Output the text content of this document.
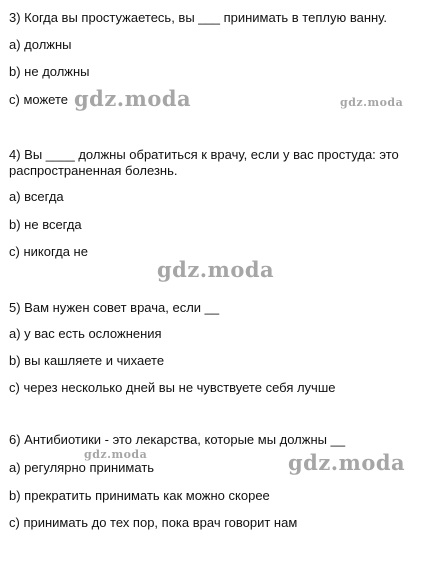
3) Когда вы простужаетесь, вы ___ принимать в теплую ванну.
a) должны
b) не должны
c) можете
4) Вы ____ должны обратиться к врачу, если у вас простуда: это
распространенная болезнь.
a) всегда
b) не всегда
c) никогда не
5) Вам нужен совет врача, если __
a) у вас есть осложнения
b) вы кашляете и чихаете
c) через несколько дней вы не чувствуете себя лучше
6) Антибиотики - это лекарства, которые мы должны __
a) регулярно принимать
b) прекратить принимать как можно скорее
c) принимать до тех пор, пока врач говорит нам
gdz.moda	gdz.moda
gdz.moda
gdz.moda	gdz.moda
